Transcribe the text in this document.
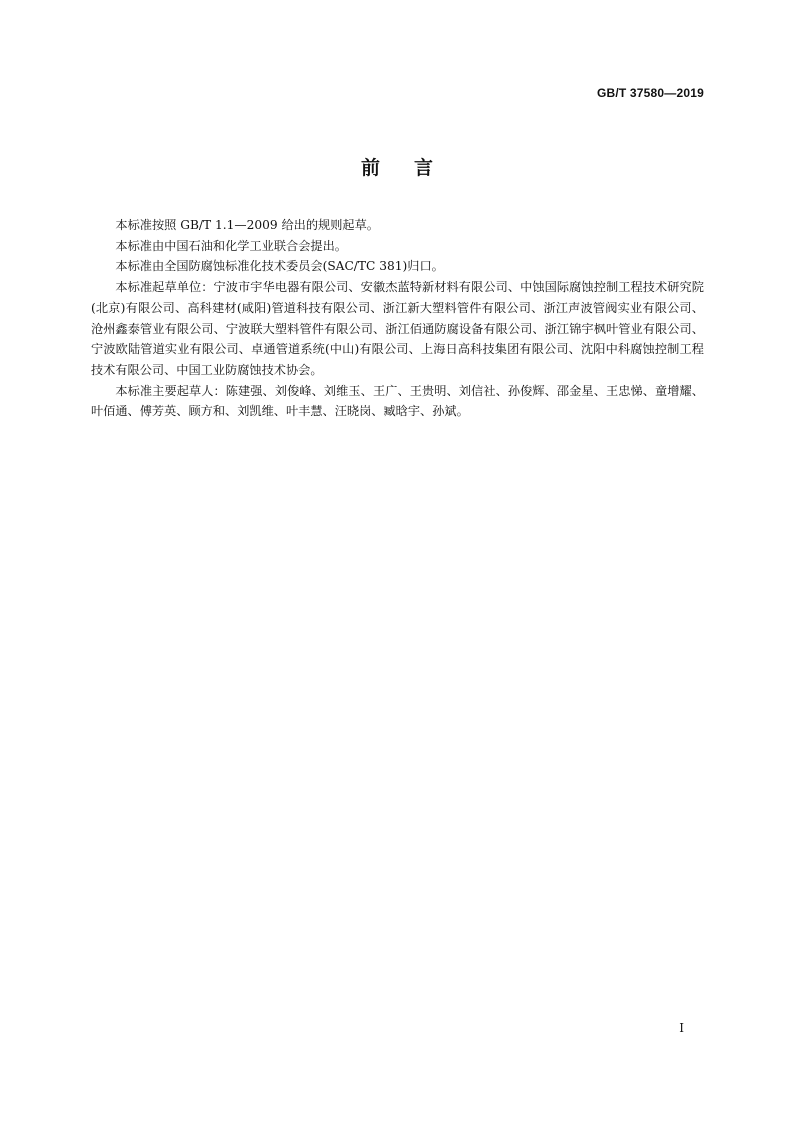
GB/T 37580—2019
前言

本标准按照 GB/T 1.1—2009 给出的规则起草。

本标准由中国石油和化学工业联合会提出。

本标准由全国防腐蚀标准化技术委员会(SAC/TC 381)归口。

本标准起草单位：宁波市宇华电器有限公司、安徽杰蓝特新材料有限公司、中蚀国际腐蚀控制工程技术研究院(北京)有限公司、高科建材(咸阳)管道科技有限公司、浙江新大塑料管件有限公司、浙江声波管阀实业有限公司、沧州鑫泰管业有限公司、宁波联大塑料管件有限公司、浙江佰通防腐设备有限公司、浙江锦宇枫叶管业有限公司、宁波欧陆管道实业有限公司、卓通管道系统(中山)有限公司、上海日高科技集团有限公司、沈阳中科腐蚀控制工程技术有限公司、中国工业防腐蚀技术协会。

本标准主要起草人：陈建强、刘俊峰、刘维玉、王广、王贵明、刘信社、孙俊辉、邵金星、王忠悌、童增耀、叶佰通、傅芳英、顾方和、刘凯维、叶丰慧、汪晓岗、臧晗宇、孙斌。

I
